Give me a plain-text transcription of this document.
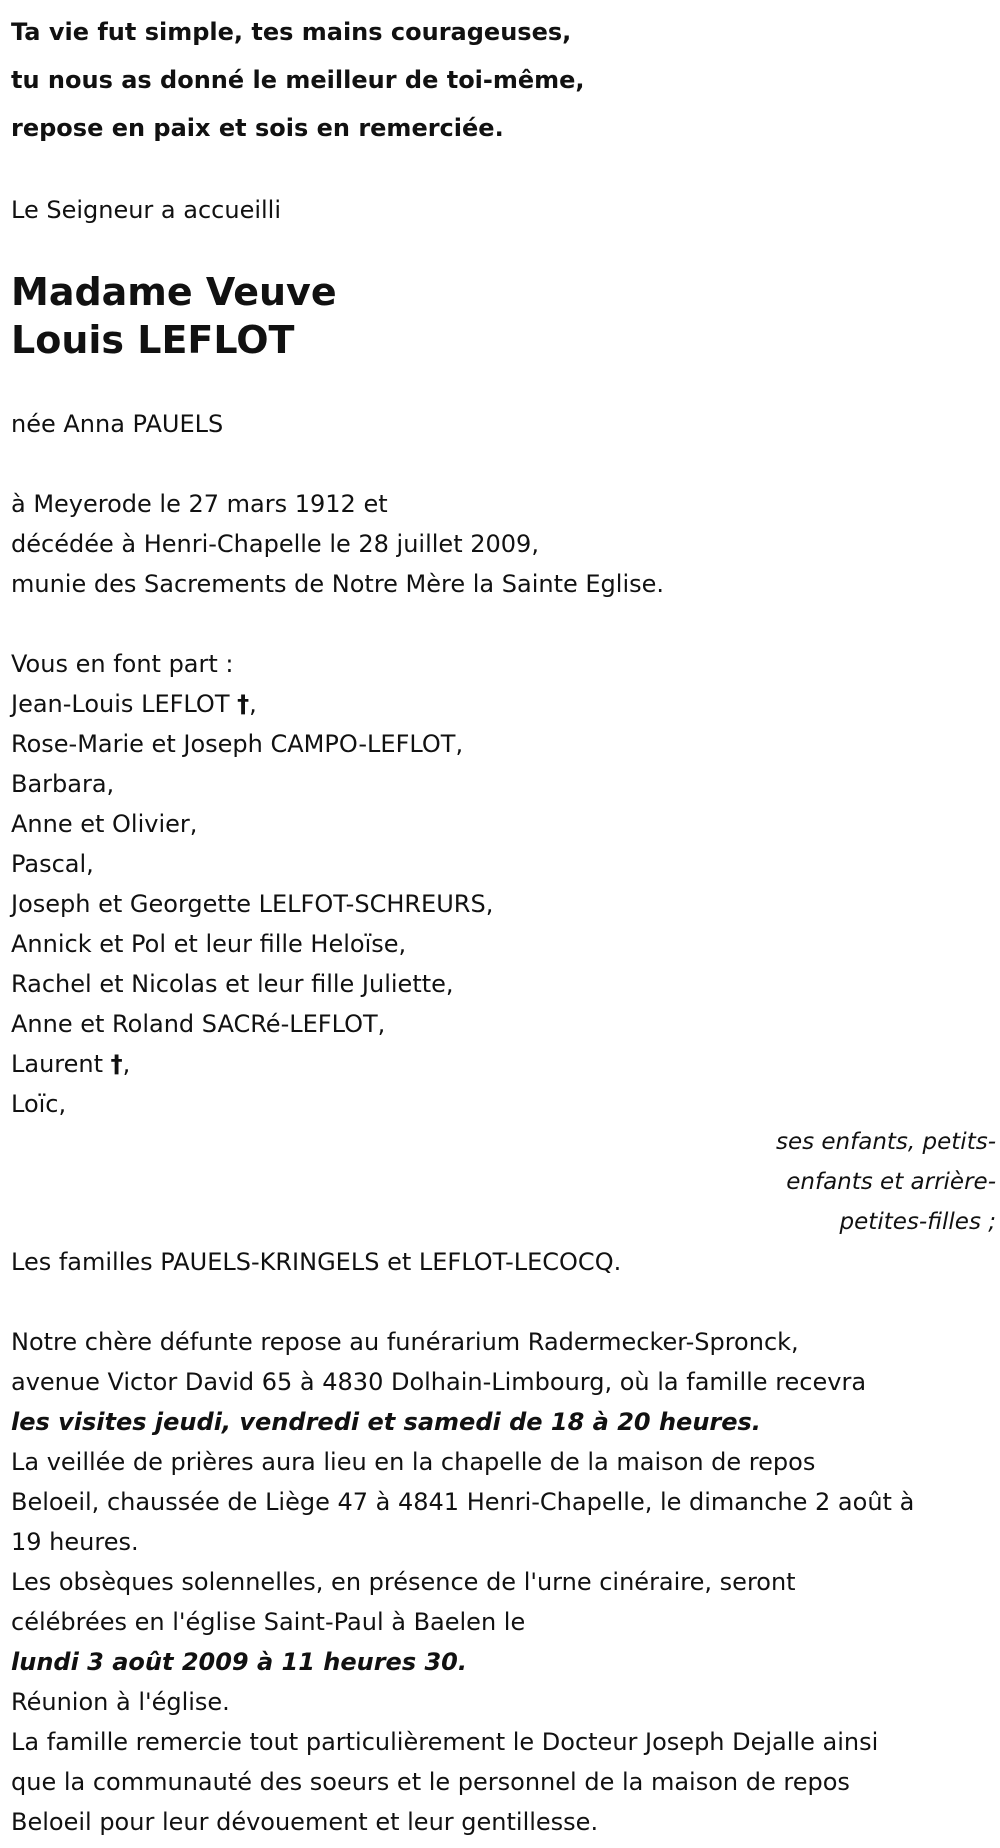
Ta vie fut simple, tes mains courageuses,
tu nous as donné le meilleur de toi-même,
repose en paix et sois en remerciée.
Le Seigneur a accueilli
Madame Veuve
Louis LEFLOT
née Anna PAUELS
à Meyerode le 27 mars 1912 et
décédée à Henri-Chapelle le 28 juillet 2009,
munie des Sacrements de Notre Mère la Sainte Eglise.
Vous en font part :
Jean-Louis LEFLOT †,
Rose-Marie et Joseph CAMPO-LEFLOT,
Barbara,
Anne et Olivier,
Pascal,
Joseph et Georgette LELFOT-SCHREURS,
Annick et Pol et leur fille Heloïse,
Rachel et Nicolas et leur fille Juliette,
Anne et Roland SACRé-LEFLOT,
Laurent †,
Loïc,
ses enfants, petits-
enfants et arrière-
petites-filles ;
Les familles PAUELS-KRINGELS et LEFLOT-LECOCQ.
Notre chère défunte repose au funérarium Radermecker-Spronck,
avenue Victor David 65 à 4830 Dolhain-Limbourg, où la famille recevra
les visites jeudi, vendredi et samedi de 18 à 20 heures.
La veillée de prières aura lieu en la chapelle de la maison de repos
Beloeil, chaussée de Liège 47 à 4841 Henri-Chapelle, le dimanche 2 août à
19 heures.
Les obsèques solennelles, en présence de l'urne cinéraire, seront
célébrées en l'église Saint-Paul à Baelen le
lundi 3 août 2009 à 11 heures 30.
Réunion à l'église.
La famille remercie tout particulièrement le Docteur Joseph Dejalle ainsi
que la communauté des soeurs et le personnel de la maison de repos
Beloeil pour leur dévouement et leur gentillesse.
